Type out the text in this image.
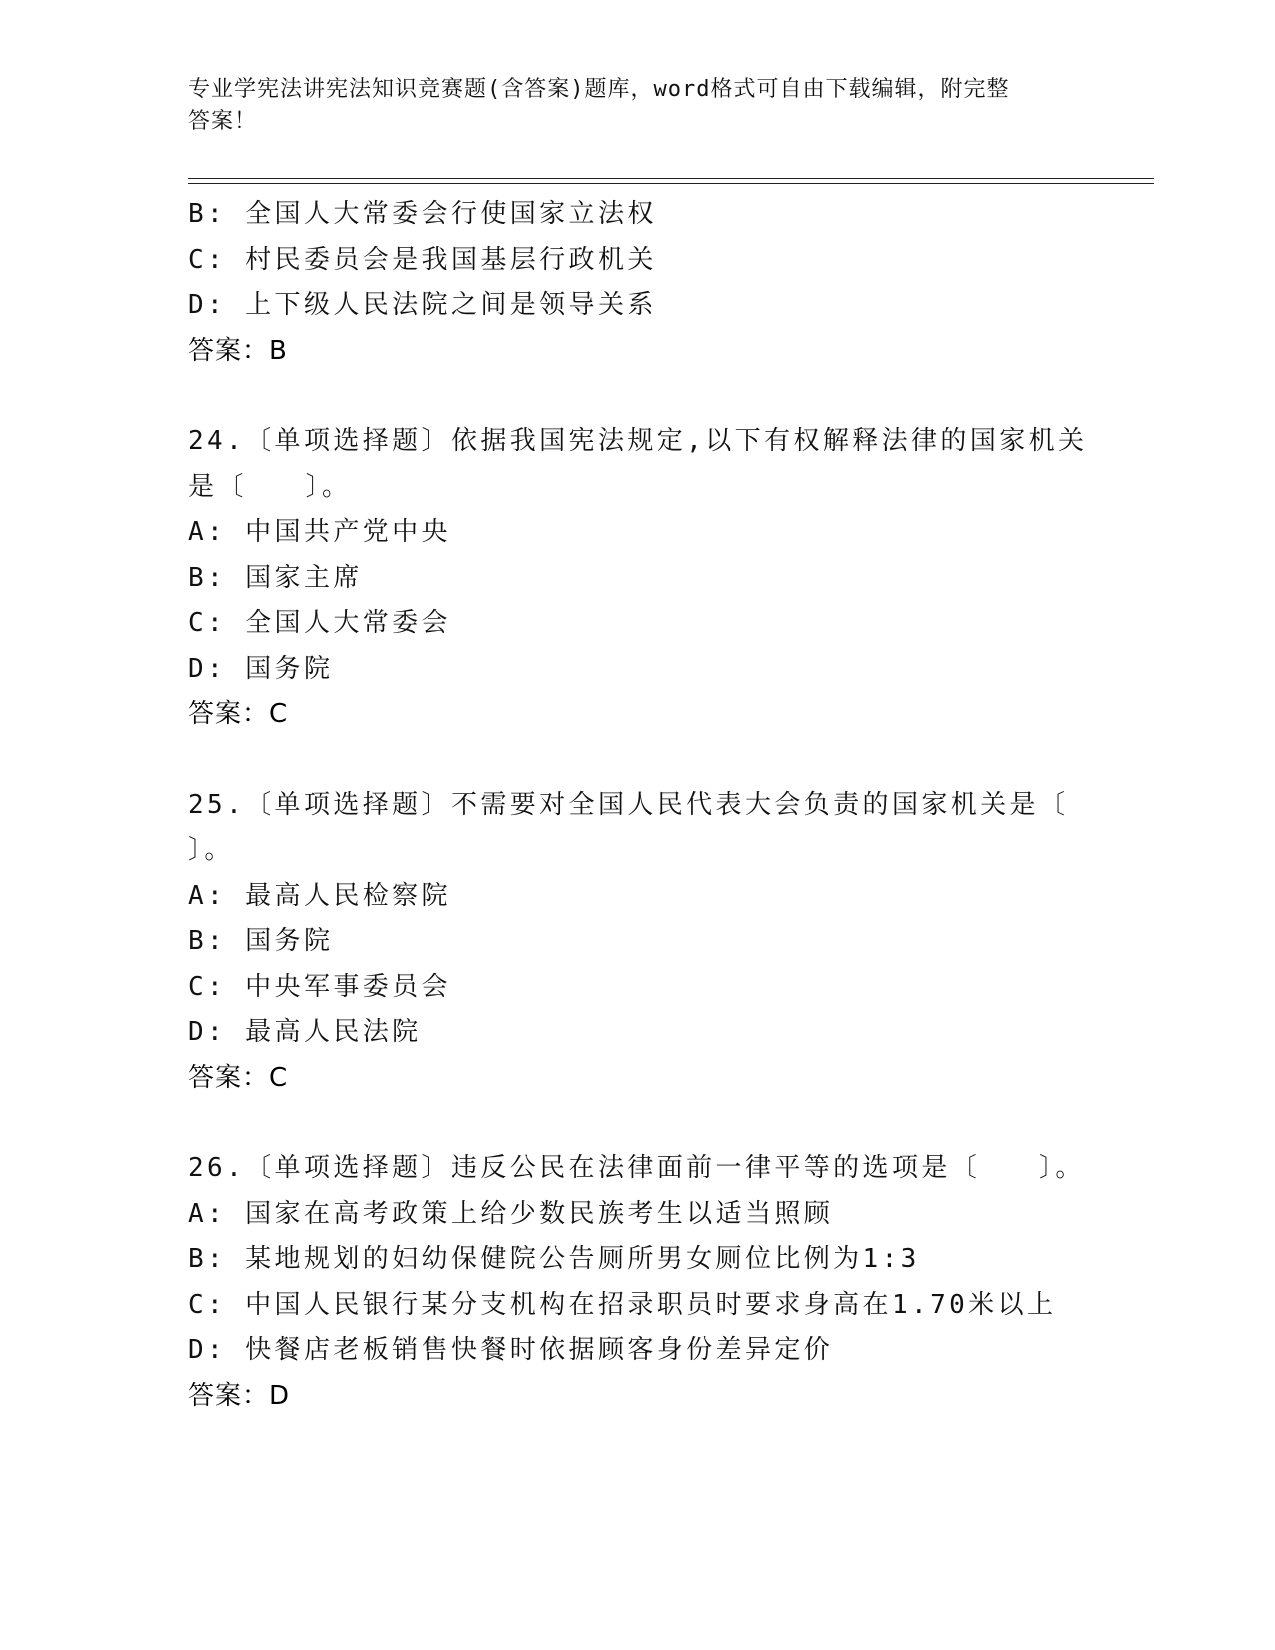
专业学宪法讲宪法知识竞赛题(含答案)题库，word格式可自由下载编辑，附完整
答案！
B: 全国人大常委会行使国家立法权
C: 村民委员会是我国基层行政机关
D: 上下级人民法院之间是领导关系
答案：B
24.〔单项选择题〕依据我国宪法规定,以下有权解释法律的国家机关
是〔　　〕。
A: 中国共产党中央
B: 国家主席
C: 全国人大常委会
D: 国务院
答案：C
25.〔单项选择题〕不需要对全国人民代表大会负责的国家机关是〔
〕。
A: 最高人民检察院
B: 国务院
C: 中央军事委员会
D: 最高人民法院
答案：C
26.〔单项选择题〕违反公民在法律面前一律平等的选项是〔　　〕。
A: 国家在高考政策上给少数民族考生以适当照顾
B: 某地规划的妇幼保健院公告厕所男女厕位比例为1:3
C: 中国人民银行某分支机构在招录职员时要求身高在1.70米以上
D: 快餐店老板销售快餐时依据顾客身份差异定价
答案：D
